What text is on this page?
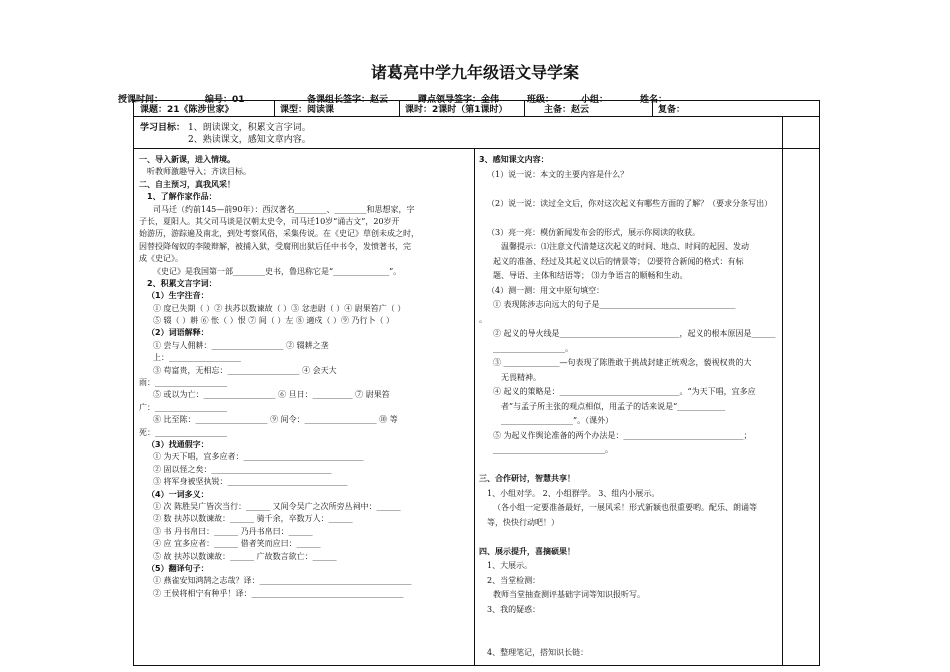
诸葛亮中学九年级语文导学案
授课时间：	编号：01	备课组长签字：赵云	蹲点领导签字：金伟	班级：	小组：	姓名：
课题：21《陈涉世家》	课型：阅读课	课时：2课时（第1课时）	主备：赵云	复备：
学习目标： 1、朗读课文，积累文言字词。
2、熟读课文，感知文章内容。
一、导入新课，进入情境。
听教师激趣导入；齐读目标。
二、自主预习，真我风采！
1、了解作家作品：
司马迁（约前145—前90年）：西汉著名________、________和思想家，字
子长，夏阳人。其父司马谈是汉朝太史令，司马迁10岁“诵古文”，20岁开
始游历，游踪遍及南北，到处考察风俗，采集传说。在《史记》草创未成之时，
因替投降匈奴的李陵辩解，被捕入狱，受腐刑出狱后任中书令，发愤著书，完
成《史记》。
《史记》是我国第一部________史书，鲁迅称它是“______________”。
2、积累文言字词：
（1）生字注音：
① 度已失期（ ）② 扶苏以数谏故（ ）③ 忿恚尉（ ）④ 尉果笞广（ ）
⑤ 辍（ ）耕 ⑥ 怅（ ）恨 ⑦ 间（ ）左 ⑧ 適戍（ ）⑨ 乃行卜（ ）
（2）词语解释：
① 尝与人佣耕：__________________ ② 辍耕之垄
上：__________________
③ 苟富贵，无相忘：__________________ ④ 会天大
雨：__________________
⑤ 或以为亡：__________________ ⑥ 旦日：__________ ⑦ 尉果笞
广：__________________
⑧ 比至陈：__________________ ⑨ 间令：__________________ ⑩ 等
死：__________________
（3）找通假字：
① 为天下唱，宜多应者：______________________________
② 固以怪之矣：______________________________
③ 将军身被坚执锐：______________________________
（4）一词多义：
① 次 陈胜吴广皆次当行：______ 又间令吴广之次所旁丛祠中：______
② 数 扶苏以数谏故：______ 骑千余，卒数万人：______
③ 书 丹书帛曰：______ 乃丹书帛曰：______
④ 应 宜多应者：______ 借者笑而应曰：______
⑤ 故 扶苏以数谏故：______ 广故数言欲亡：______
（5）翻译句子：
① 燕雀安知鸿鹄之志哉？译：______________________________________
② 王侯将相宁有种乎！译：______________________________________
3、感知课文内容：
（1）说一说：本文的主要内容是什么？
（2）说一说：读过全文后，你对这次起义有哪些方面的了解？（要求分条写出）
（3）亮一亮：模仿新闻发布会的形式，展示你阅读的收获。
温馨提示：⑴注意文代清楚这次起义的时间、地点、时间的起因、发动
起义的准备、经过及其起义以后的情景等； ⑵要符合新闻的格式：有标
题、导语、主体和结语等； ⑶力争语言的顺畅和生动。
（4）测一测：用文中原句填空：
① 表现陈涉志向远大的句子是__________________________________
。
② 起义的导火线是______________________________，起义的根本原因是______
__________________。
③ ______________—句表现了陈胜敢于挑战封建正统观念，藐视权贵的大
无畏精神。
④ 起义的策略是：______________________________。“为天下唱，宜多应
者”与孟子所主张的观点相似，用孟子的话来说是“____________
__________________”。（课外）
⑤ 为起义作舆论准备的两个办法是：______________________________；
____________________________。
三、合作研讨，智慧共享！
1、小组对学。 2、小组群学。 3、组内小展示。
（各小组一定要准备最好，一展风采！形式新颖也很重要哟。配乐、朗诵等
等，快快行动吧！）
四、展示提升，喜摘硕果！
1、大展示。
2、当堂检测：
教师当堂抽查测评基础字词等知识报听写。
3、我的疑惑：
4、整理笔记，搭知识长链：
